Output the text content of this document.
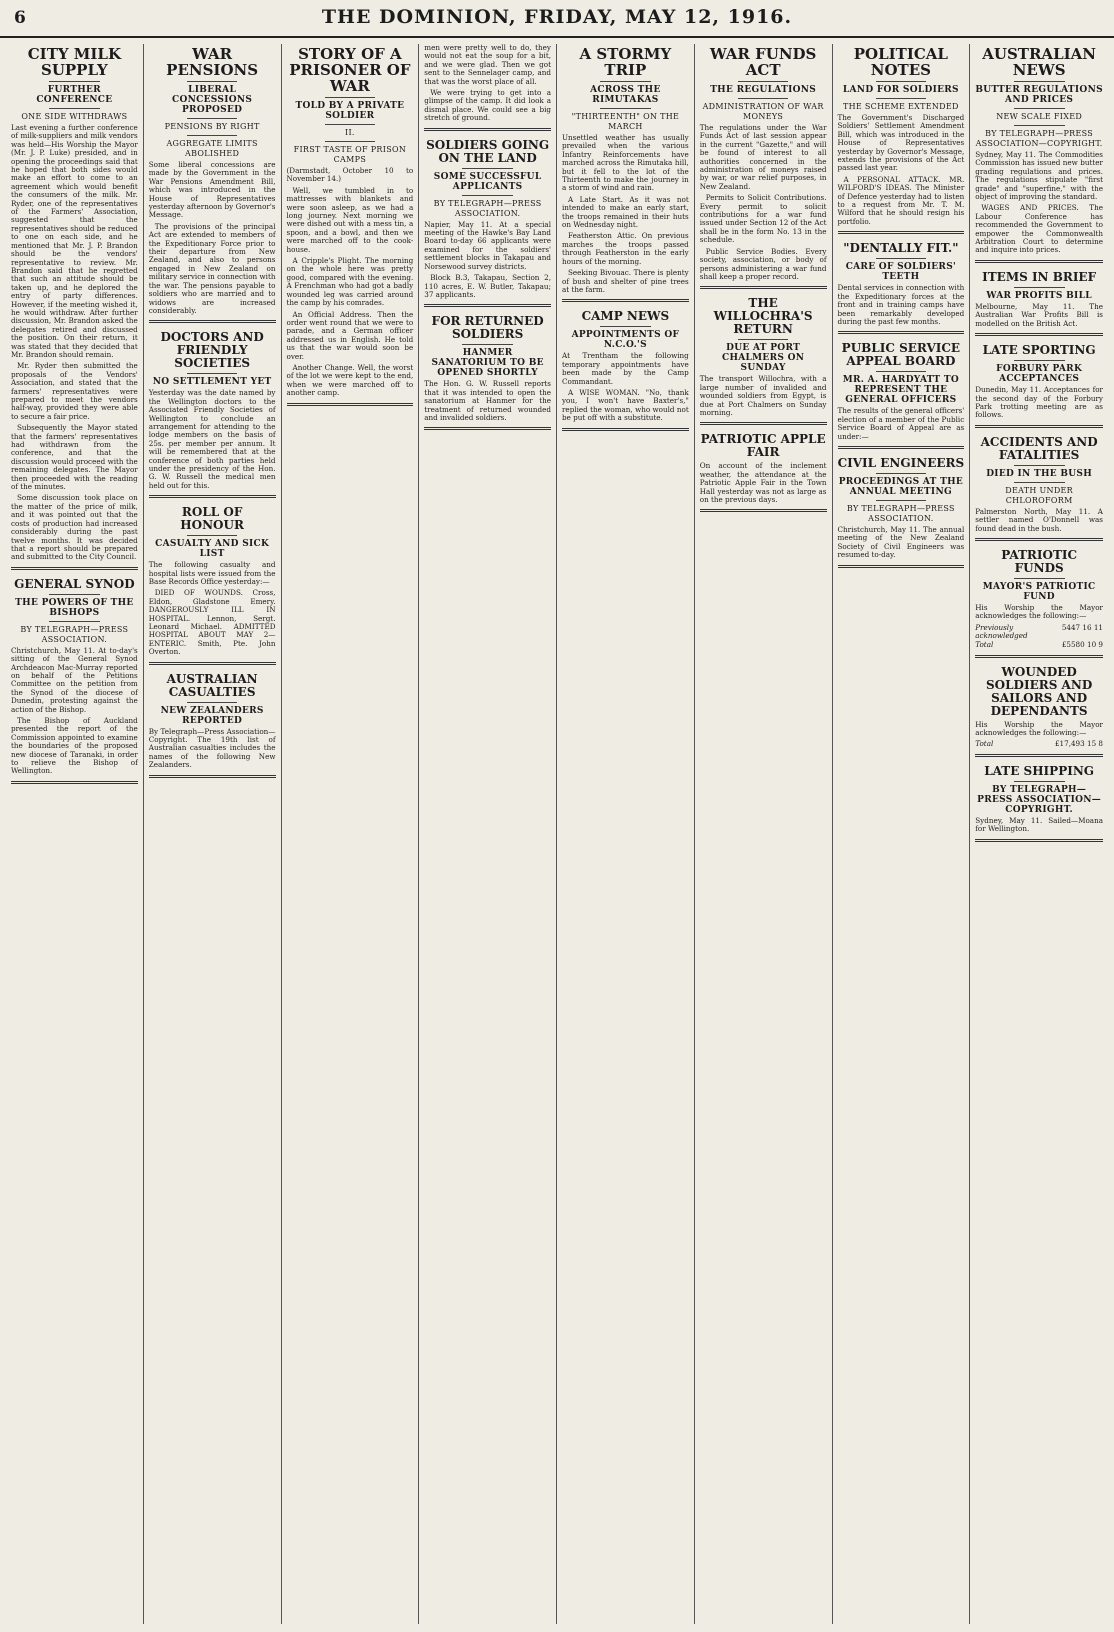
6	THE DOMINION, FRIDAY, MAY 12, 1916.
CITY MILK SUPPLY
FURTHER CONFERENCE
ONE SIDE WITHDRAWS

Last evening a further conference of milk-suppliers and milk vendors was held—His Worship the Mayor (Mr. J. P. Luke) presided, and in opening the proceedings said that he hoped that both sides would make an effort to come to an agreement which would benefit the consumers of the milk. Mr. Ryder, one of the representatives of the Farmers' Association, suggested that the representatives should be reduced to one on each side, and he mentioned that Mr. J. P. Brandon should be the vendors' representative to review. Mr. Brandon said that he regretted that such an attitude should be taken up, and he deplored the entry of party differences. However, if the meeting wished it, he would withdraw. After further discussion, Mr. Brandon asked the delegates retired and discussed the position. On their return, it was stated that they decided that Mr. Brandon should remain.

Mr. Ryder then submitted the proposals of the Vendors' Association, and stated that the farmers' representatives were prepared to meet the vendors half-way, provided they were able to secure a fair price.

Subsequently the Mayor stated that the farmers' representatives had withdrawn from the conference, and that the discussion would proceed with the remaining delegates. The Mayor then proceeded with the reading of the minutes.

Some discussion took place on the matter of the price of milk, and it was pointed out that the costs of production had increased considerably during the past twelve months. It was decided that a report should be prepared and submitted to the City Council.

GENERAL SYNOD
THE POWERS OF THE BISHOPS
BY TELEGRAPH—PRESS ASSOCIATION.

Christchurch, May 11. At to-day's sitting of the General Synod Archdeacon Mac-Murray reported on behalf of the Petitions Committee on the petition from the Synod of the diocese of Dunedin, protesting against the action of the Bishop.

The Bishop of Auckland presented the report of the Commission appointed to examine the boundaries of the proposed new diocese of Taranaki, in order to relieve the Bishop of Wellington.

WAR PENSIONS
LIBERAL CONCESSIONS PROPOSED
PENSIONS BY RIGHT
AGGREGATE LIMITS ABOLISHED

Some liberal concessions are made by the Government in the War Pensions Amendment Bill, which was introduced in the House of Representatives yesterday afternoon by Governor's Message.

The provisions of the principal Act are extended to members of the Expeditionary Force prior to their departure from New Zealand, and also to persons engaged in New Zealand on military service in connection with the war. The pensions payable to soldiers who are married and to widows are increased considerably.

DOCTORS AND FRIENDLY SOCIETIES
NO SETTLEMENT YET

Yesterday was the date named by the Wellington doctors to the Associated Friendly Societies of Wellington to conclude an arrangement for attending to the lodge members on the basis of 25s. per member per annum. It will be remembered that at the conference of both parties held under the presidency of the Hon. G. W. Russell the medical men held out for this.

ROLL OF HONOUR
CASUALTY AND SICK LIST

The following casualty and hospital lists were issued from the Base Records Office yesterday:—

DIED OF WOUNDS. Cross, Eldon, Gladstone Emery. DANGEROUSLY ILL IN HOSPITAL. Lennon, Sergt. Leonard Michael. ADMITTED HOSPITAL ABOUT MAY 2—ENTERIC. Smith, Pte. John Overton.

AUSTRALIAN CASUALTIES
NEW ZEALANDERS REPORTED

By Telegraph—Press Association—Copyright. The 19th list of Australian casualties includes the names of the following New Zealanders.

STORY OF A PRISONER OF WAR
TOLD BY A PRIVATE SOLDIER
II.
FIRST TASTE OF PRISON CAMPS

(Darmstadt, October 10 to November 14.)

Well, we tumbled in to mattresses with blankets and were soon asleep, as we had a long journey. Next morning we were dished out with a mess tin, a spoon, and a bowl, and then we were marched off to the cook-house.

A Cripple's Plight. The morning on the whole here was pretty good, compared with the evening. A Frenchman who had got a badly wounded leg was carried around the camp by his comrades.

An Official Address. Then the order went round that we were to parade, and a German officer addressed us in English. He told us that the war would soon be over.

Another Change. Well, the worst of the lot we were kept to the end, when we were marched off to another camp.

men were pretty well to do, they would not eat the soup for a bit, and we were glad. Then we got sent to the Sennelager camp, and that was the worst place of all.

We were trying to get into a glimpse of the camp. It did look a dismal place. We could see a big stretch of ground.

SOLDIERS GOING ON THE LAND
SOME SUCCESSFUL APPLICANTS
BY TELEGRAPH—PRESS ASSOCIATION.

Napier, May 11. At a special meeting of the Hawke's Bay Land Board to-day 66 applicants were examined for the soldiers' settlement blocks in Takapau and Norsewood survey districts.

Block B.3, Takapau, Section 2, 110 acres, E. W. Butler, Takapau; 37 applicants.

FOR RETURNED SOLDIERS
HANMER SANATORIUM TO BE OPENED SHORTLY

The Hon. G. W. Russell reports that it was intended to open the sanatorium at Hanmer for the treatment of returned wounded and invalided soldiers.

A STORMY TRIP
ACROSS THE RIMUTAKAS
"THIRTEENTH" ON THE MARCH

Unsettled weather has usually prevailed when the various Infantry Reinforcements have marched across the Rimutaka hill, but it fell to the lot of the Thirteenth to make the journey in a storm of wind and rain.

A Late Start. As it was not intended to make an early start, the troops remained in their huts on Wednesday night.

Featherston Attic. On previous marches the troops passed through Featherston in the early hours of the morning.

Seeking Bivouac. There is plenty of bush and shelter of pine trees at the farm.

CAMP NEWS
APPOINTMENTS OF N.C.O.'S

At Trentham the following temporary appointments have been made by the Camp Commandant.

A WISE WOMAN. "No, thank you, I won't have Baxter's," replied the woman, who would not be put off with a substitute.

WAR FUNDS ACT
THE REGULATIONS
ADMINISTRATION OF WAR MONEYS

The regulations under the War Funds Act of last session appear in the current "Gazette," and will be found of interest to all authorities concerned in the administration of moneys raised by war, or war relief purposes, in New Zealand.

Permits to Solicit Contributions. Every permit to solicit contributions for a war fund issued under Section 12 of the Act shall be in the form No. 13 in the schedule.

Public Service Bodies. Every society, association, or body of persons administering a war fund shall keep a proper record.

THE WILLOCHRA'S RETURN
DUE AT PORT CHALMERS ON SUNDAY

The transport Willochra, with a large number of invalided and wounded soldiers from Egypt, is due at Port Chalmers on Sunday morning.

PATRIOTIC APPLE FAIR

On account of the inclement weather, the attendance at the Patriotic Apple Fair in the Town Hall yesterday was not as large as on the previous days.

POLITICAL NOTES
LAND FOR SOLDIERS
THE SCHEME EXTENDED

The Government's Discharged Soldiers' Settlement Amendment Bill, which was introduced in the House of Representatives yesterday by Governor's Message, extends the provisions of the Act passed last year.

A PERSONAL ATTACK. MR. WILFORD'S IDEAS. The Minister of Defence yesterday had to listen to a request from Mr. T. M. Wilford that he should resign his portfolio.

"DENTALLY FIT."
CARE OF SOLDIERS' TEETH

Dental services in connection with the Expeditionary forces at the front and in training camps have been remarkably developed during the past few months.

PUBLIC SERVICE APPEAL BOARD
MR. A. HARDYATT TO REPRESENT THE GENERAL OFFICERS

The results of the general officers' election of a member of the Public Service Board of Appeal are as under:—

CIVIL ENGINEERS
PROCEEDINGS AT THE ANNUAL MEETING
BY TELEGRAPH—PRESS ASSOCIATION.

Christchurch, May 11. The annual meeting of the New Zealand Society of Civil Engineers was resumed to-day.

AUSTRALIAN NEWS
BUTTER REGULATIONS AND PRICES
NEW SCALE FIXED
BY TELEGRAPH—PRESS ASSOCIATION—COPYRIGHT.

Sydney, May 11. The Commodities Commission has issued new butter grading regulations and prices. The regulations stipulate "first grade" and "superfine," with the object of improving the standard.

WAGES AND PRICES. The Labour Conference has recommended the Government to empower the Commonwealth Arbitration Court to determine and inquire into prices.

ITEMS IN BRIEF
WAR PROFITS BILL

Melbourne, May 11. The Australian War Profits Bill is modelled on the British Act.

LATE SPORTING
FORBURY PARK ACCEPTANCES

Dunedin, May 11. Acceptances for the second day of the Forbury Park trotting meeting are as follows.

ACCIDENTS AND FATALITIES
DIED IN THE BUSH
DEATH UNDER CHLOROFORM

Palmerston North, May 11. A settler named O'Donnell was found dead in the bush.

PATRIOTIC FUNDS
MAYOR'S PATRIOTIC FUND

His Worship the Mayor acknowledges the following:—

5447 16 11
Previously acknowledged
£5580 10 9
Total
WOUNDED SOLDIERS AND SAILORS AND DEPENDANTS

His Worship the Mayor acknowledges the following:—

£17,493 15 8
Total
LATE SHIPPING
BY TELEGRAPH—PRESS ASSOCIATION—COPYRIGHT.

Sydney, May 11. Sailed—Moana for Wellington.
